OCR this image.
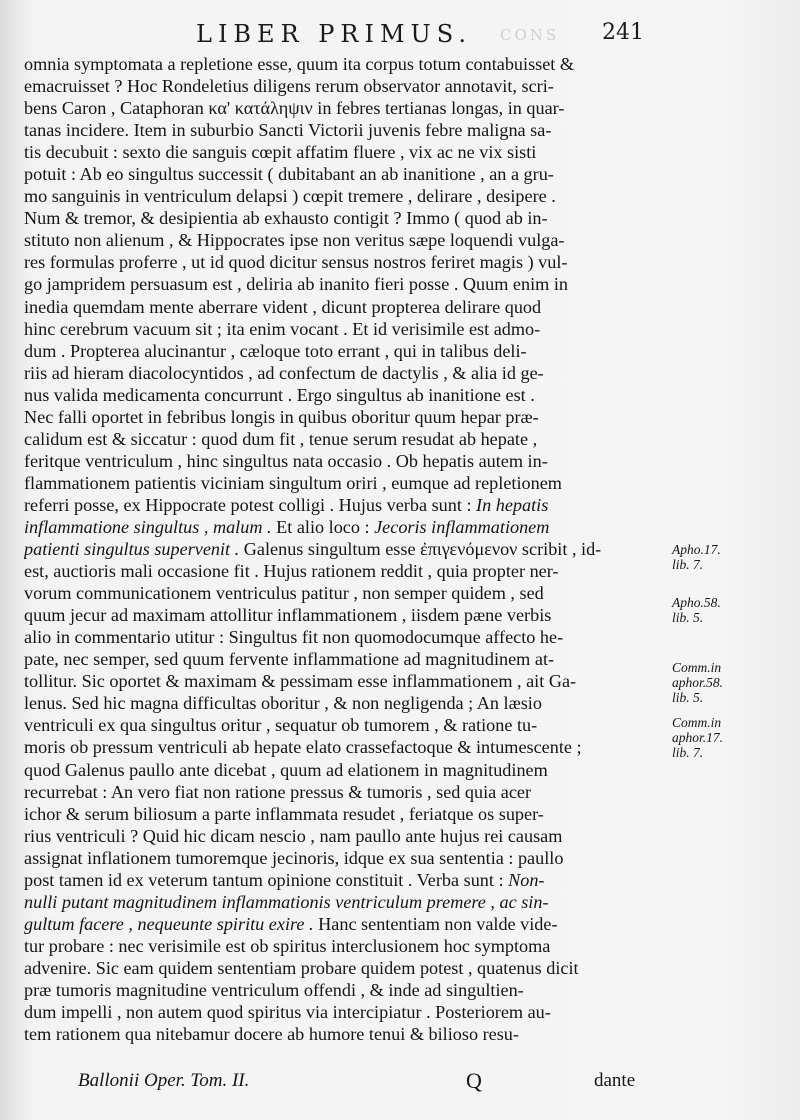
LIBER PRIMUS. CONS 241
omnia symptomata a repletione esse, quum ita corpus totum contabuisset &
emacruisset ? Hoc Rondeletius diligens rerum observator annotavit, scri-
bens Caron , Cataphoran κα' κατάληψιν in febres tertianas longas, in quar-
tanas incidere. Item in suburbio Sancti Victorii juvenis febre maligna sa-
tis decubuit : sexto die sanguis cœpit affatim fluere , vix ac ne vix sisti
potuit : Ab eo singultus successit ( dubitabant an ab inanitione , an a gru-
mo sanguinis in ventriculum delapsi ) cœpit tremere , delirare , desipere .
Num & tremor, & desipientia ab exhausto contigit ? Immo ( quod ab in-
stituto non alienum , & Hippocrates ipse non veritus sæpe loquendi vulga-
res formulas proferre , ut id quod dicitur sensus nostros feriret magis ) vul-
go jampridem persuasum est , deliria ab inanito fieri posse . Quum enim in
inedia quemdam mente aberrare vident , dicunt propterea delirare quod
hinc cerebrum vacuum sit ; ita enim vocant . Et id verisimile est admo-
dum . Propterea alucinantur , cæloque toto errant , qui in talibus deli-
riis ad hieram diacolocyntidos , ad confectum de dactylis , & alia id ge-
nus valida medicamenta concurrunt . Ergo singultus ab inanitione est .
Nec falli oportet in febribus longis in quibus oboritur quum hepar præ-
calidum est & siccatur : quod dum fit , tenue serum resudat ab hepate ,
feritque ventriculum , hinc singultus nata occasio . Ob hepatis autem in-
flammationem patientis viciniam singultum oriri , eumque ad repletionem
referri posse, ex Hippocrate potest colligi . Hujus verba sunt : In hepatis
inflammatione singultus , malum . Et alio loco : Jecoris inflammationem
patienti singultus supervenit . Galenus singultum esse ἐπιγενόμενον scribit , id-
est, auctioris mali occasione fit . Hujus rationem reddit , quia propter ner-
vorum communicationem ventriculus patitur , non semper quidem , sed
quum jecur ad maximam attollitur inflammationem , iisdem pæne verbis
alio in commentario utitur : Singultus fit non quomodocumque affecto he-
pate, nec semper, sed quum fervente inflammatione ad magnitudinem at-
tollitur. Sic oportet & maximam & pessimam esse inflammationem , ait Ga-
lenus. Sed hic magna difficultas oboritur , & non negligenda ; An læsio
ventriculi ex qua singultus oritur , sequatur ob tumorem , & ratione tu-
moris ob pressum ventriculi ab hepate elato crassefactoque & intumescente ;
quod Galenus paullo ante dicebat , quum ad elationem in magnitudinem
recurrebat : An vero fiat non ratione pressus & tumoris , sed quia acer
ichor & serum biliosum a parte inflammata resudet , feriatque os super-
rius ventriculi ? Quid hic dicam nescio , nam paullo ante hujus rei causam
assignat inflationem tumoremque jecinoris, idque ex sua sententia : paullo
post tamen id ex veterum tantum opinione constituit . Verba sunt : Non-
nulli putant magnitudinem inflammationis ventriculum premere , ac sin-
gultum facere , nequeunte spiritu exire . Hanc sententiam non valde vide-
tur probare : nec verisimile est ob spiritus interclusionem hoc symptoma
advenire. Sic eam quidem sententiam probare quidem potest , quatenus dicit
præ tumoris magnitudine ventriculum offendi , & inde ad singultien-
dum impelli , non autem quod spiritus via intercipiatur . Posteriorem au-
tem rationem qua nitebamur docere ab humore tenui & bilioso resu-
Apho.17.
lib. 7.
Apho.58.
lib. 5.
Comm.in
aphor.58.
lib. 5.
Comm.in
aphor.17.
lib. 7.
Ballonii Oper. Tom. II.	Q	dante
